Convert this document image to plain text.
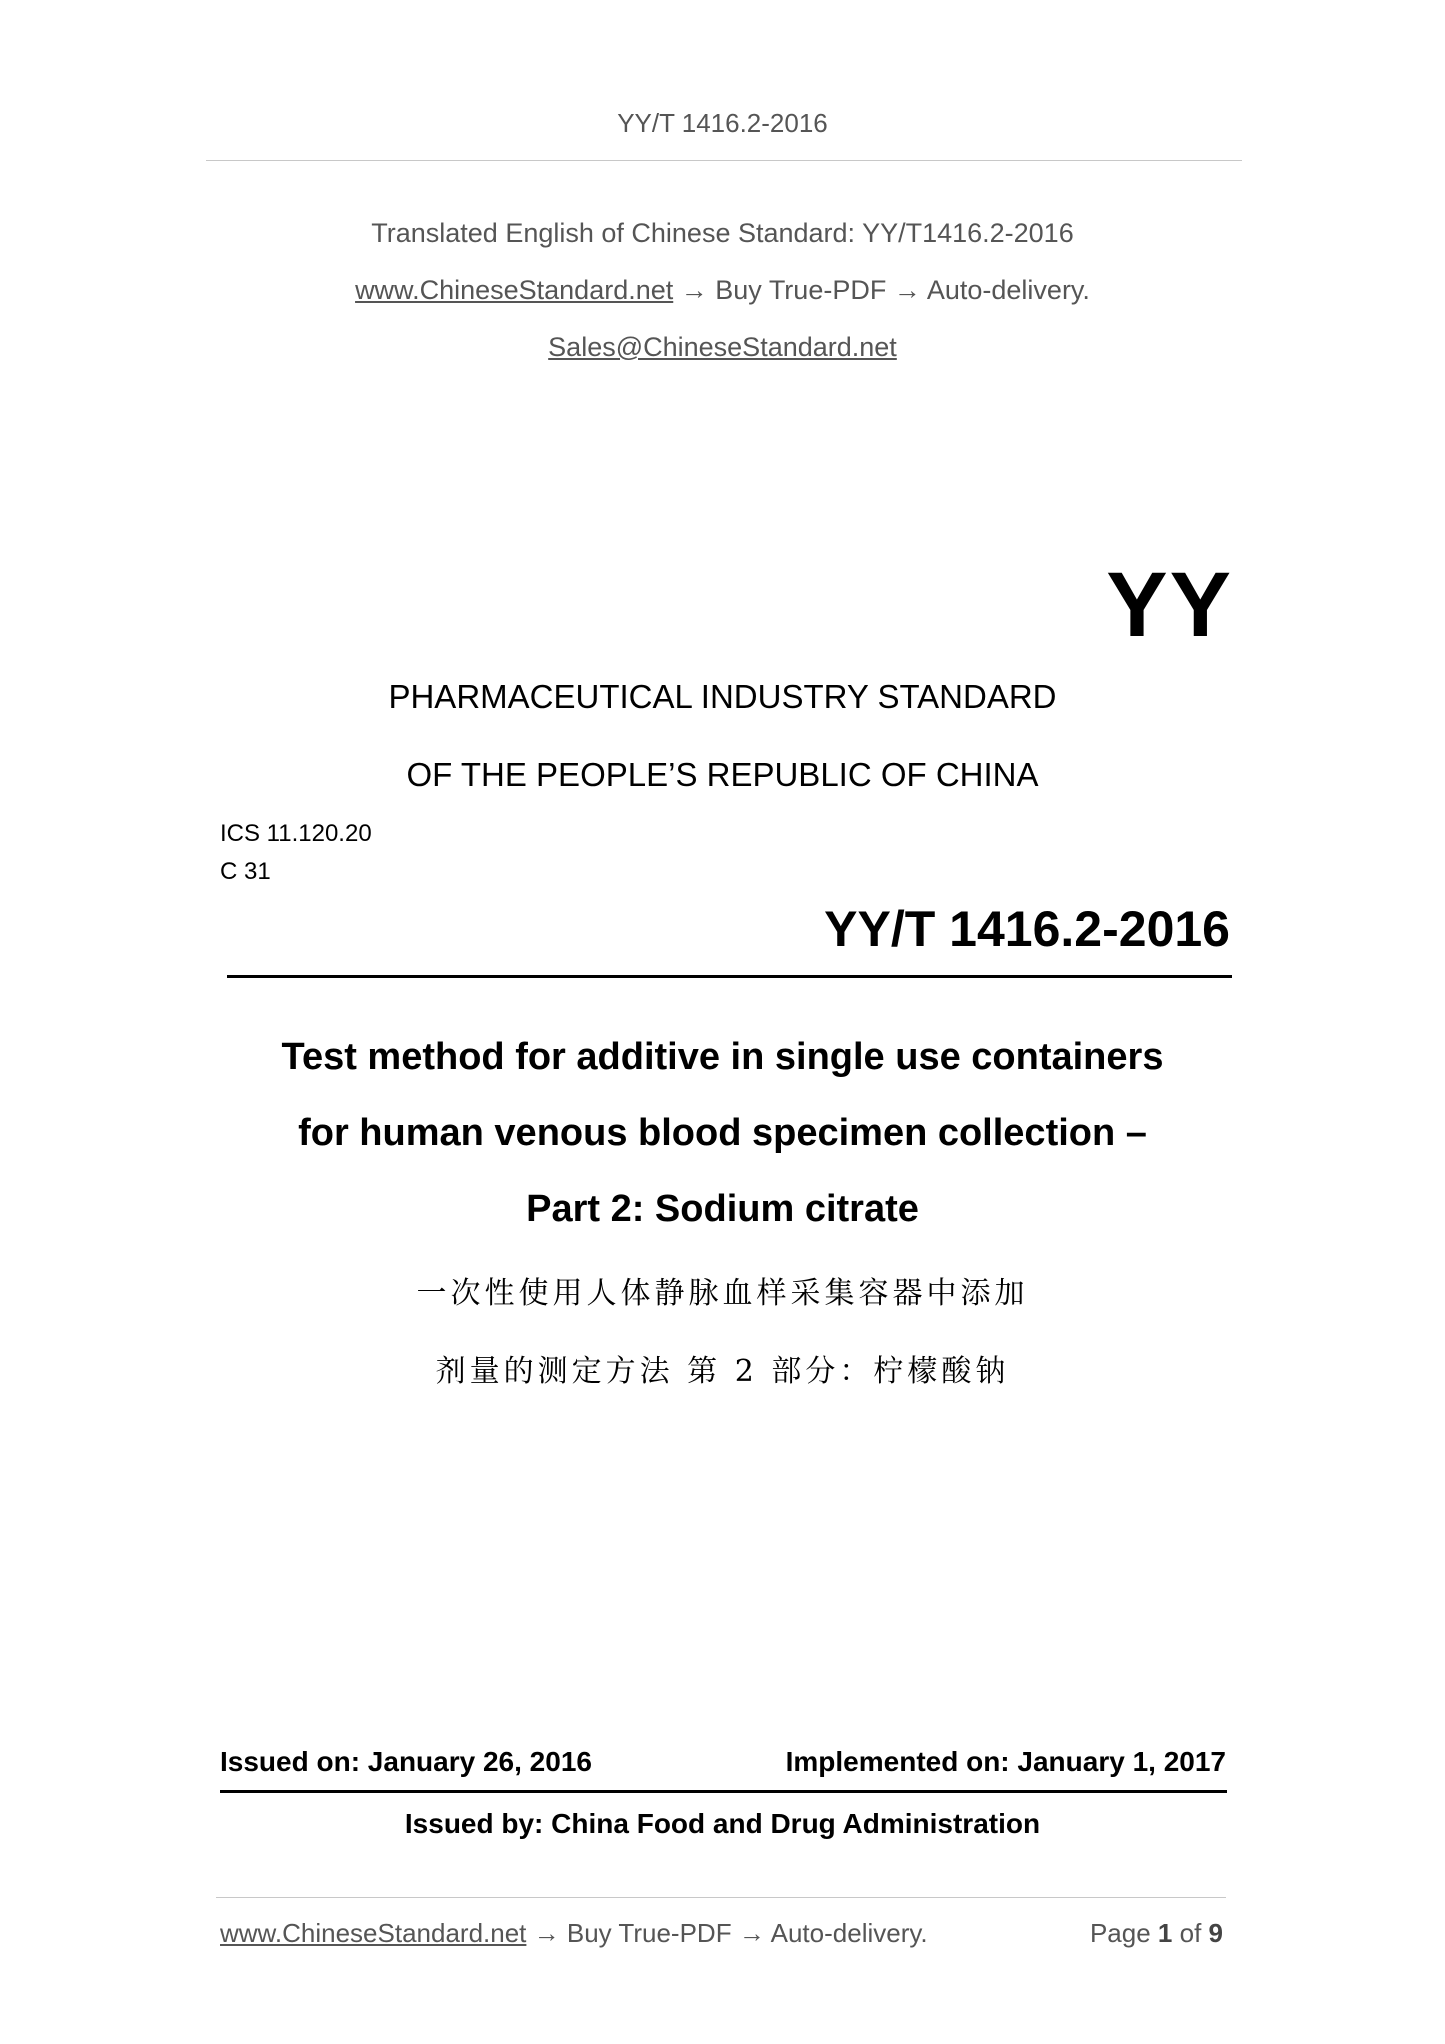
YY/T 1416.2-2016
Translated English of Chinese Standard: YY/T1416.2-2016
www.ChineseStandard.net → Buy True-PDF → Auto-delivery.
Sales@ChineseStandard.net
YY
PHARMACEUTICAL INDUSTRY STANDARD
OF THE PEOPLE’S REPUBLIC OF CHINA
ICS 11.120.20
C 31
YY/T 1416.2-2016
Test method for additive in single use containers
for human venous blood specimen collection –
Part 2: Sodium citrate
一次性使用人体静脉血样采集容器中添加
剂量的测定方法 第 2 部分：柠檬酸钠
Issued on: January 26, 2016	Implemented on: January 1, 2017
Issued by: China Food and Drug Administration
www.ChineseStandard.net → Buy True-PDF → Auto-delivery.	Page 1 of 9
